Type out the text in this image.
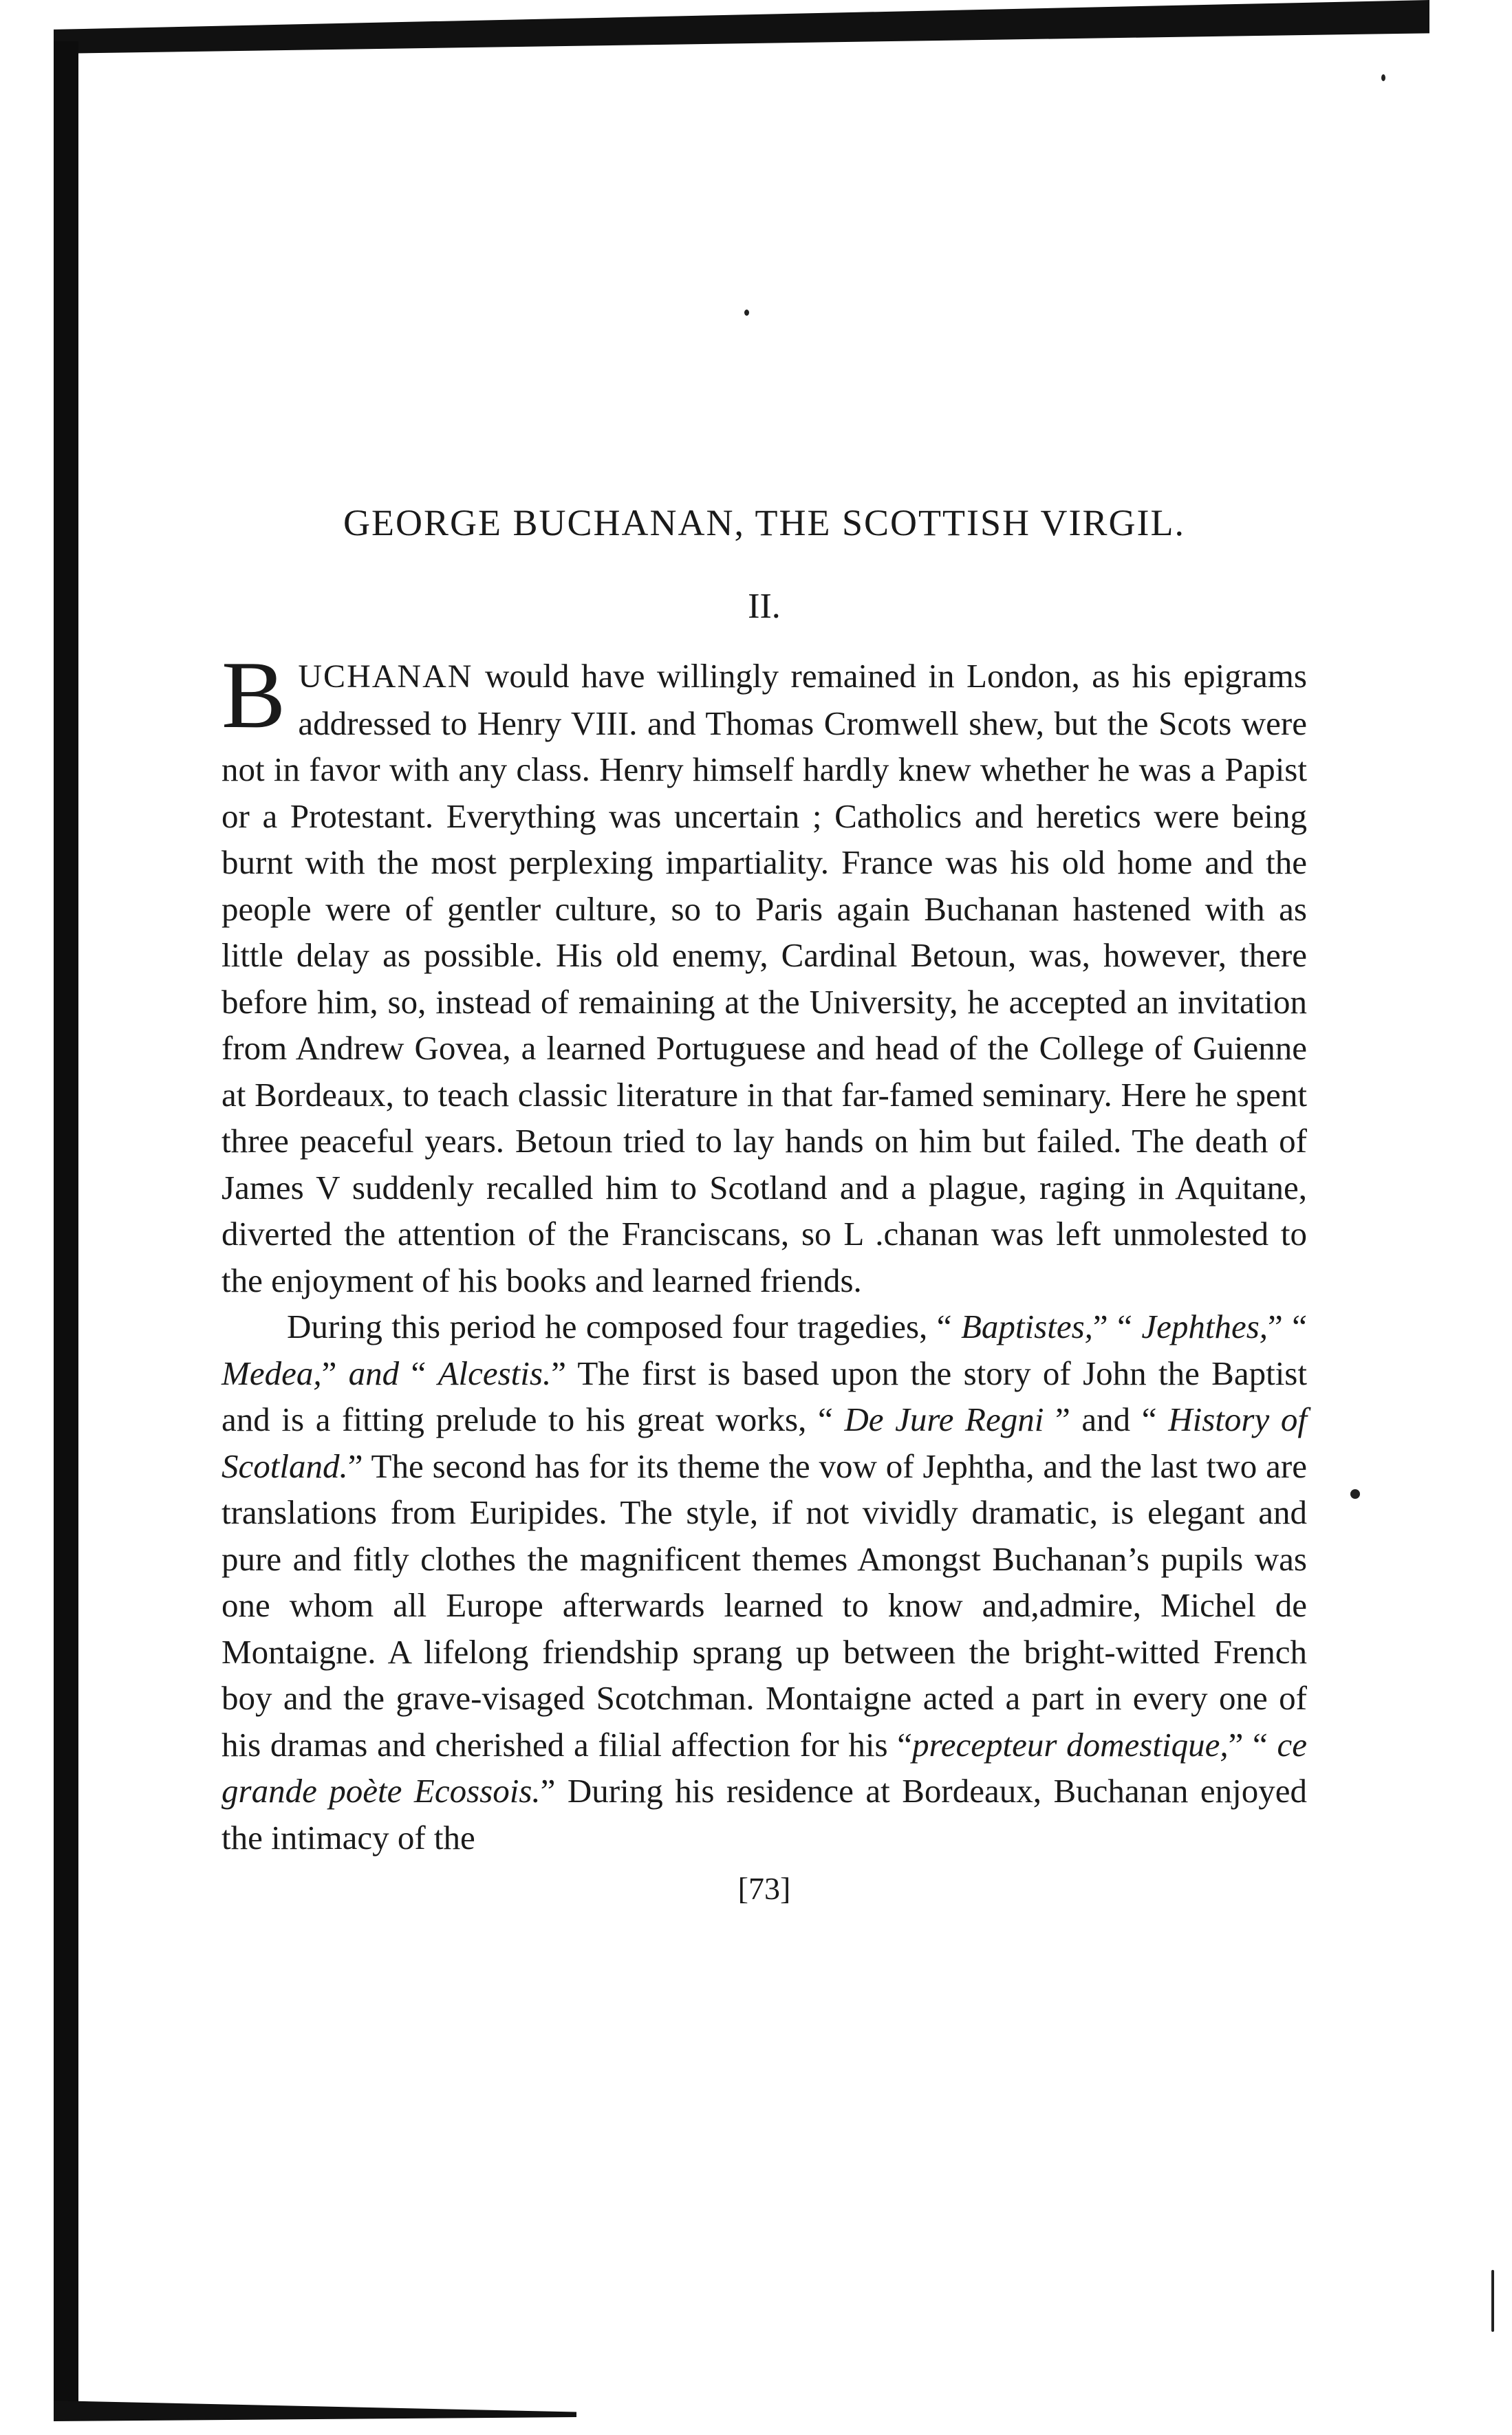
GEORGE BUCHANAN, THE SCOTTISH VIRGIL.
II.

BUCHANAN would have willingly remained in London, as his epigrams addressed to Henry VIII. and Thomas Cromwell shew, but the Scots were not in favor with any class. Henry himself hardly knew whether he was a Papist or a Protestant. Everything was uncertain ; Catholics and heretics were being burnt with the most perplexing impartiality. France was his old home and the people were of gentler culture, so to Paris again Buchanan hastened with as little delay as possible. His old enemy, Cardinal Betoun, was, however, there before him, so, instead of remaining at the University, he accepted an invitation from Andrew Govea, a learned Portuguese and head of the College of Guienne at Bordeaux, to teach classic literature in that far-famed seminary. Here he spent three peaceful years. Betoun tried to lay hands on him but failed. The death of James V suddenly recalled him to Scotland and a plague, raging in Aquitane, diverted the attention of the Franciscans, so L .chanan was left unmolested to the enjoyment of his books and learned friends.

During this period he composed four tragedies, “ Baptistes,” “ Jephthes,” “ Medea,” and “ Alcestis.” The first is based upon the story of John the Baptist and is a fitting prelude to his great works, “ De Jure Regni ” and “ History of Scotland.” The second has for its theme the vow of Jephtha, and the last two are translations from Euripides. The style, if not vividly dramatic, is elegant and pure and fitly clothes the magnificent themes Amongst Buchanan’s pupils was one whom all Europe afterwards learned to know and,admire, Michel de Montaigne. A lifelong friendship sprang up between the bright-witted French boy and the grave-visaged Scotchman. Montaigne acted a part in every one of his dramas and cherished a filial affection for his “precepteur domestique,” “ ce grande poète Ecossois.” During his residence at Bordeaux, Buchanan enjoyed the intimacy of the

[73]
